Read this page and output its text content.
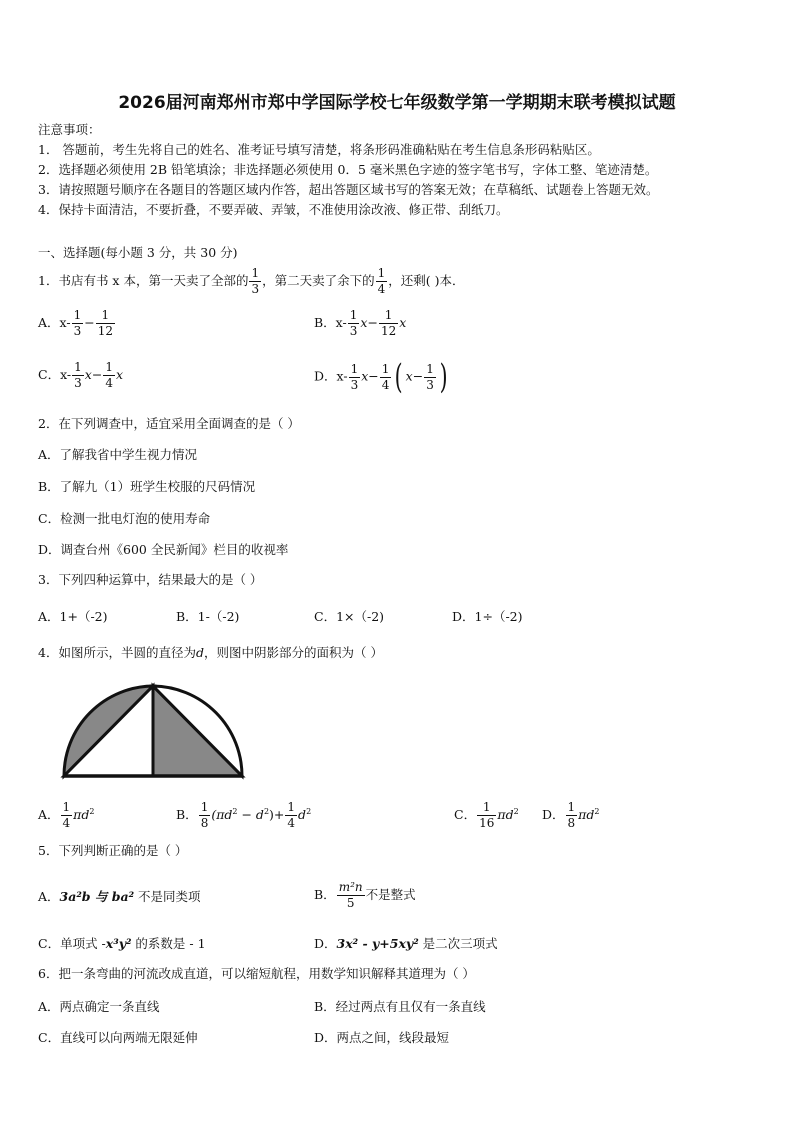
2026届河南郑州市郑中学国际学校七年级数学第一学期期末联考模拟试题
注意事项：
1． 答题前，考生先将自己的姓名、准考证号填写清楚，将条形码准确粘贴在考生信息条形码粘贴区。
2．选择题必须使用 2B 铅笔填涂；非选择题必须使用 0．5 毫米黑色字迹的签字笔书写，字体工整、笔迹清楚。
3．请按照题号顺序在各题目的答题区域内作答，超出答题区域书写的答案无效；在草稿纸、试题卷上答题无效。
4．保持卡面清洁，不要折叠，不要弄破、弄皱，不准使用涂改液、修正带、刮纸刀。
一、选择题(每小题 3 分，共 30 分)
1．书店有书 x 本，第一天卖了全部的 $\frac{1}{3}$ ，第二天卖了余下的 $\frac{1}{4}$ ，还剩( )本．
A．$x- \frac{1}{3} - \frac{1}{12}$	B．$x- \frac{1}{3} x- \frac{1}{12}$ x
C．$x- \frac{1}{3} x- \frac{1}{4}$ x	D．$x- \frac{1}{3} x- \frac{1}{4}$ ( $x- \frac{1}{3}$ )
2．在下列调查中，适宜采用全面调查的是（ ）
A．了解我省中学生视力情况
B．了解九（1）班学生校服的尺码情况
C．检测一批电灯泡的使用寿命
D．调查台州《600 全民新闻》栏目的收视率
3．下列四种运算中，结果最大的是（ ）
A．1+（-2)	B．1-（-2)	C．1×（-2)	D．1÷（-2)
4．如图所示，半圆的直径为d，则图中阴影部分的面积为（ ）
A． $\frac{1}{4} \pi d^2$	B． $\frac{1}{8} (\pi d^2 - d^2)+ \frac{1}{4} d^2$	C． $\frac{1}{16} \pi d^2$ D． $\frac{1}{8} \pi d^2$
5．下列判断正确的是（ ）
A．3a²b 与 ba² 不是同类项	B． $\frac{\text{m²n}}{5}$ 不是整式
C．单项式 -x³y² 的系数是 - 1	D．3x² - y+5xy² 是二次三项式
6．把一条弯曲的河流改成直道，可以缩短航程，用数学知识解释其道理为（ ）
A．两点确定一条直线	B．经过两点有且仅有一条直线
C．直线可以向两端无限延伸	D．两点之间，线段最短
